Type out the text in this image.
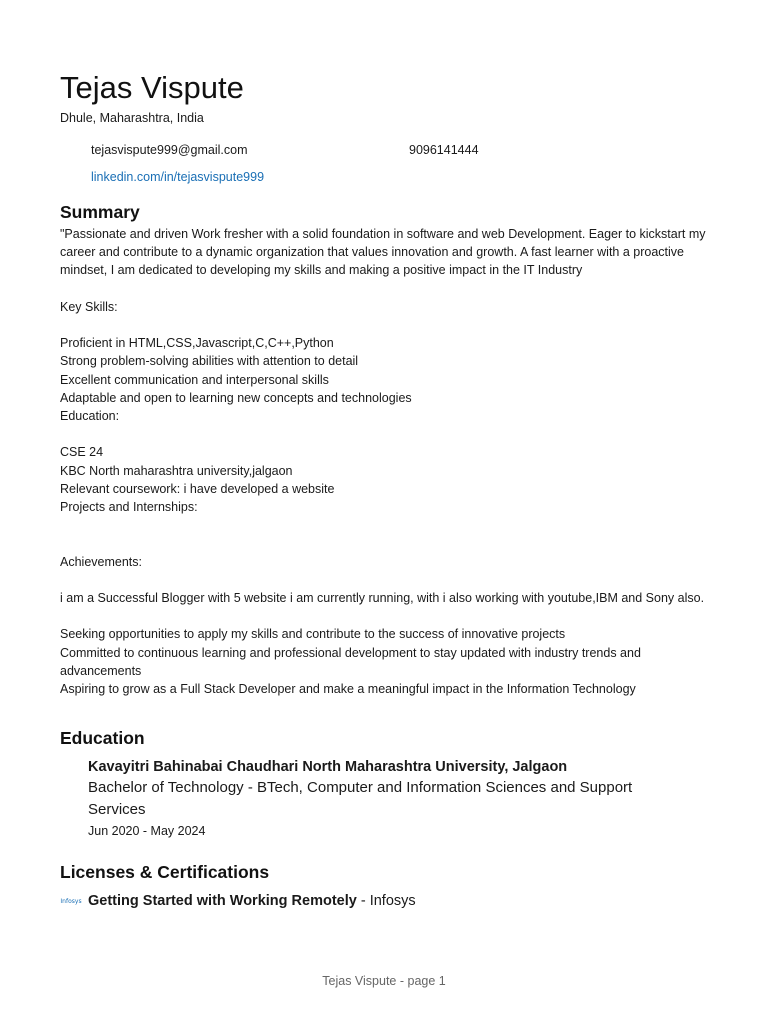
Tejas Vispute
Dhule, Maharashtra, India
tejasvispute999@gmail.com	9096141444
linkedin.com/in/tejasvispute999
Summary

"Passionate and driven Work fresher with a solid foundation in software and web Development. Eager to kickstart my career and contribute to a dynamic organization that values innovation and growth. A fast learner with a proactive mindset, I am dedicated to developing my skills and making a positive impact in the IT Industry

Key Skills:

Proficient in HTML,CSS,Javascript,C,C++,Python

Strong problem-solving abilities with attention to detail

Excellent communication and interpersonal skills

Adaptable and open to learning new concepts and technologies

Education:

CSE 24

KBC North maharashtra university,jalgaon

Relevant coursework: i have developed a website

Projects and Internships:

Achievements:

i am a Successful Blogger with 5 website i am currently running, with i also working with youtube,IBM and Sony also.

Seeking opportunities to apply my skills and contribute to the success of innovative projects

Committed to continuous learning and professional development to stay updated with industry trends and advancements

Aspiring to grow as a Full Stack Developer and make a meaningful impact in the Information Technology

Education
Kavayitri Bahinabai Chaudhari North Maharashtra University, Jalgaon
Bachelor of Technology - BTech, Computer and Information Sciences and Support Services
Jun 2020 - May 2024
Licenses & Certifications
Infosys Getting Started with Working Remotely - Infosys
Tejas Vispute - page 1
